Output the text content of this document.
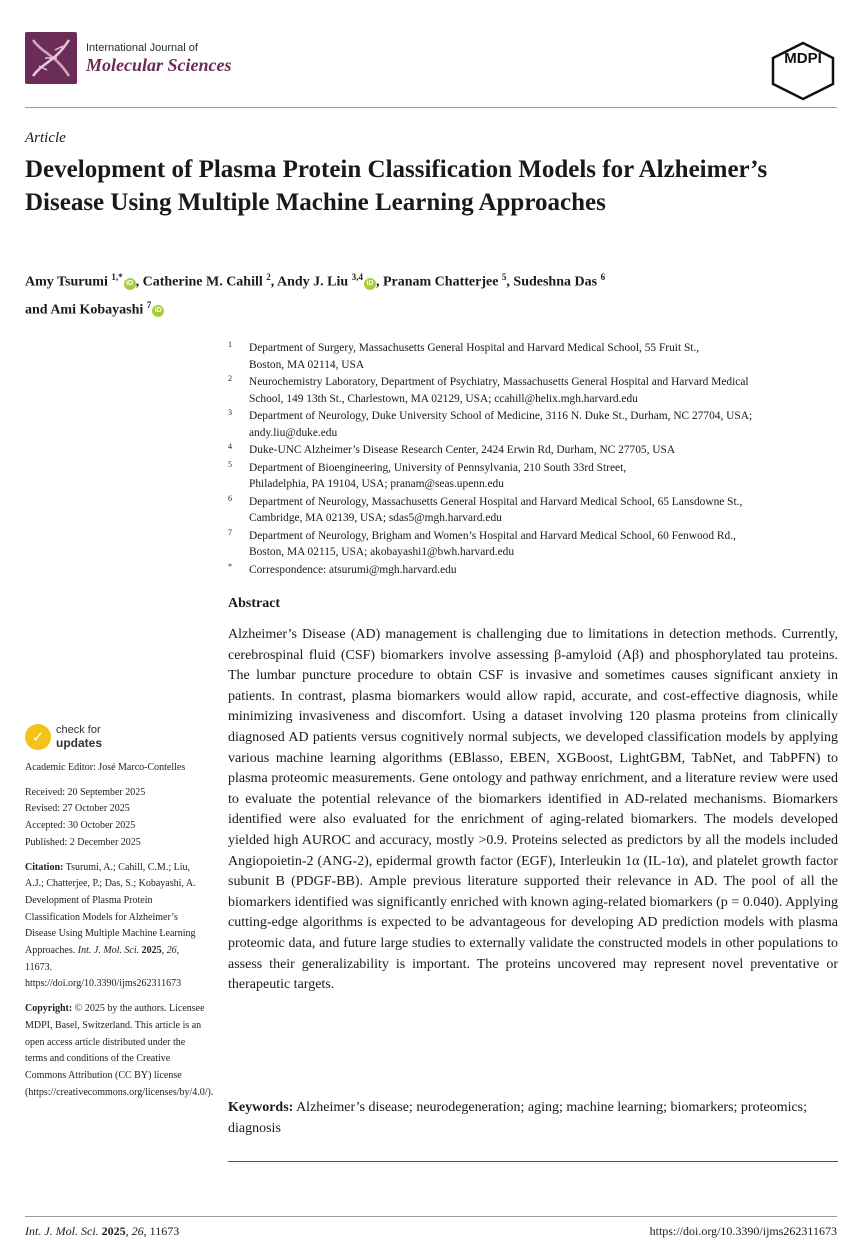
International Journal of
Molecular Sciences	MDPI
Article
Development of Plasma Protein Classification Models for Alzheimer’s Disease Using Multiple Machine Learning Approaches
Amy Tsurumi $^{1,*}$iD , Catherine M. Cahill $^2$, Andy J. Liu $^{3,4}$iD , Pranam Chatterjee $^5$, Sudeshna Das $^6$
and Ami Kobayashi $^7$iD
1 Department of Surgery, Massachusetts General Hospital and Harvard Medical School, 55 Fruit St.,
Boston, MA 02114, USA
2 Neurochemistry Laboratory, Department of Psychiatry, Massachusetts General Hospital and Harvard Medical
School, 149 13th St., Charlestown, MA 02129, USA; ccahill@helix.mgh.harvard.edu
3 Department of Neurology, Duke University School of Medicine, 3116 N. Duke St., Durham, NC 27704, USA;
andy.liu@duke.edu
4 Duke-UNC Alzheimer’s Disease Research Center, 2424 Erwin Rd, Durham, NC 27705, USA
5 Department of Bioengineering, University of Pennsylvania, 210 South 33rd Street,
Philadelphia, PA 19104, USA; pranam@seas.upenn.edu
6 Department of Neurology, Massachusetts General Hospital and Harvard Medical School, 65 Lansdowne St.,
Cambridge, MA 02139, USA; sdas5@mgh.harvard.edu
7 Department of Neurology, Brigham and Women’s Hospital and Harvard Medical School, 60 Fenwood Rd.,
Boston, MA 02115, USA; akobayashi1@bwh.harvard.edu
* Correspondence: atsurumi@mgh.harvard.edu
Abstract
Alzheimer’s Disease (AD) management is challenging due to limitations in detection methods. Currently, cerebrospinal fluid (CSF) biomarkers involve assessing β-amyloid (Aβ) and phosphorylated tau proteins. The lumbar puncture procedure to obtain CSF is invasive and sometimes causes significant anxiety in patients. In contrast, plasma biomarkers would allow rapid, accurate, and cost-effective diagnosis, while minimizing invasiveness and discomfort. Using a dataset involving 120 plasma proteins from clinically diagnosed AD patients versus cognitively normal subjects, we developed classification models by applying various machine learning algorithms (EBlasso, EBEN, XGBoost, LightGBM, TabNet, and TabPFN) to plasma proteomic measurements. Gene ontology and pathway enrichment, and a literature review were used to evaluate the potential relevance of the biomarkers identified in AD-related mechanisms. Biomarkers identified were also evaluated for the enrichment of aging-related biomarkers. The models developed yielded high AUROC and accuracy, mostly >0.9. Proteins selected as predictors by all the models included Angiopoietin-2 (ANG-2), epidermal growth factor (EGF), Interleukin 1α (IL-1α), and platelet growth factor subunit B (PDGF-BB). Ample previous literature supported their relevance in AD. The pool of all the biomarkers identified was significantly enriched with known aging-related biomarkers (p = 0.040). Applying cutting-edge algorithms is expected to be advantageous for developing AD prediction models with plasma proteomic data, and future large studies to externally validate the constructed models in other populations to assess their generalizability is important. The proteins uncovered may represent novel preventative or therapeutic targets.
Keywords: Alzheimer’s disease; neurodegeneration; aging; machine learning; biomarkers; proteomics; diagnosis
✓	check for
updates
Academic Editor: José Marco-Contelles
Received: 20 September 2025
Revised: 27 October 2025
Accepted: 30 October 2025
Published: 2 December 2025
Citation: Tsurumi, A.; Cahill, C.M.; Liu, A.J.; Chatterjee, P.; Das, S.; Kobayashi, A. Development of Plasma Protein Classification Models for Alzheimer’s Disease Using Multiple Machine Learning Approaches. Int. J. Mol. Sci. 2025, 26, 11673. https://doi.org/10.3390/ijms262311673
Copyright: © 2025 by the authors. Licensee MDPI, Basel, Switzerland. This article is an open access article distributed under the terms and conditions of the Creative Commons Attribution (CC BY) license (https://creativecommons.org/licenses/by/4.0/).
Int. J. Mol. Sci. 2025, 26, 11673	https://doi.org/10.3390/ijms262311673
